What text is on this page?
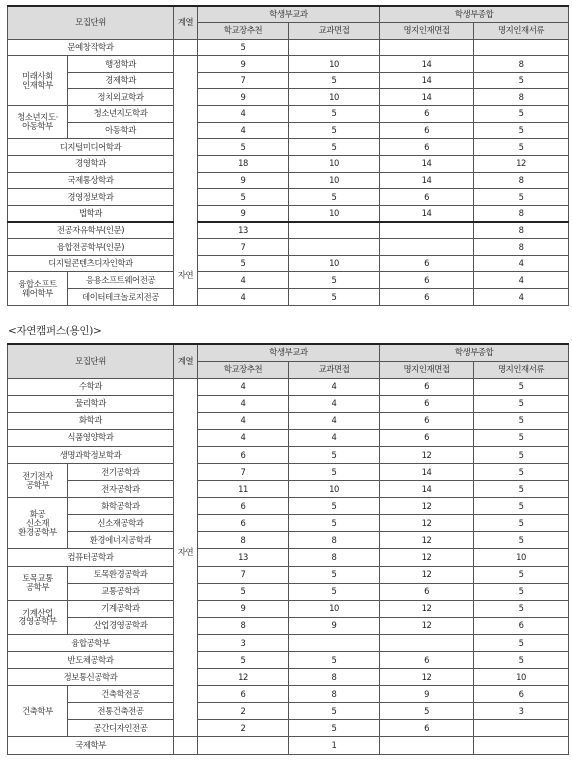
모집단위		계열	학생부교과		학생부종합	
			학교장추천	교과면접	명지인재면접	명지인재서류
문예창작학과			5			
미래사회
인재학부	행정학과	자연	9	10	14	8
	경제학과		7	5	14	5
	정치외교학과		9	10	14	8
청소년지도·
아동학부	청소년지도학과		4	5	6	5
	아동학과		4	5	6	5
디지털미디어학과			5	5	6	5
경영학과			18	10	14	12
국제통상학과			9	10	14	8
경영정보학과			5	5	6	5
법학과			9	10	14	8
전공자유학부(인문)			13			8
융합전공학부(인문)			7			8
디지털콘텐츠디자인학과			5	10	6	4
융합소프트
웨어학부	응용소프트웨어전공		4	5	6	4
	데이터테크놀로지전공		4	5	6	4
<자연캠퍼스(용인)>
모집단위		계열	학생부교과		학생부종합	
			학교장추천	교과면접	명지인재면접	명지인재서류
수학과		자연	4	4	6	5
물리학과			4	4	6	5
화학과			4	4	6	5
식품영양학과			4	4	6	5
생명과학정보학과			6	5	12	5
전기전자
공학부	전기공학과		7	5	14	5
	전자공학과		11	10	14	5
화공
신소재
환경공학부	화학공학과		6	5	12	5
	신소재공학과		6	5	12	5
	환경에너지공학과		8	8	12	5
컴퓨터공학과			13	8	12	10
토목교통
공학부	토목환경공학과		7	5	12	5
	교통공학과		5	5	6	5
기계산업
경영공학부	기계공학과		9	10	12	5
	산업경영공학과		8	9	12	6
융합공학부			3			5
반도체공학과			5	5	6	5
정보통신공학과			12	8	12	10
건축학부	건축학전공		6	8	9	6
	전통건축전공		2	5	5	3
	공간디자인전공		2	5	6	
국제학부				1		
